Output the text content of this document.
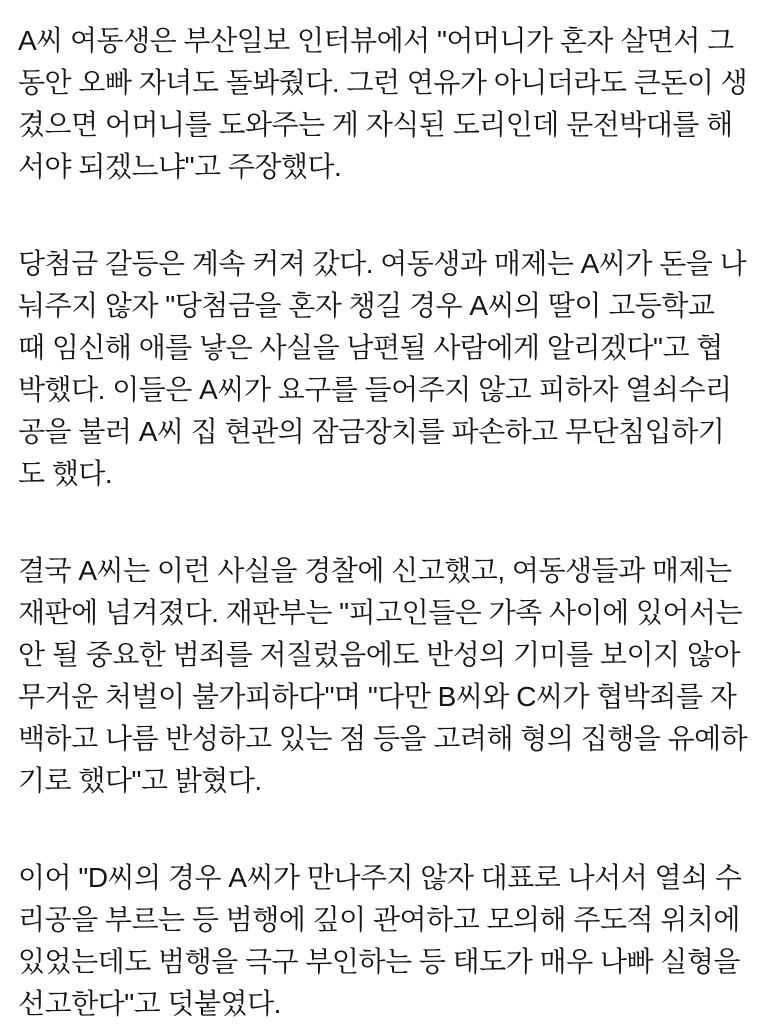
A씨 여동생은 부산일보 인터뷰에서 "어머니가 혼자 살면서 그
동안 오빠 자녀도 돌봐줬다. 그런 연유가 아니더라도 큰돈이 생
겼으면 어머니를 도와주는 게 자식된 도리인데 문전박대를 해
서야 되겠느냐"고 주장했다.

당첨금 갈등은 계속 커져 갔다. 여동생과 매제는 A씨가 돈을 나
눠주지 않자 "당첨금을 혼자 챙길 경우 A씨의 딸이 고등학교
때 임신해 애를 낳은 사실을 남편될 사람에게 알리겠다"고 협
박했다. 이들은 A씨가 요구를 들어주지 않고 피하자 열쇠수리
공을 불러 A씨 집 현관의 잠금장치를 파손하고 무단침입하기
도 했다.

결국 A씨는 이런 사실을 경찰에 신고했고, 여동생들과 매제는
재판에 넘겨졌다. 재판부는 "피고인들은 가족 사이에 있어서는
안 될 중요한 범죄를 저질렀음에도 반성의 기미를 보이지 않아
무거운 처벌이 불가피하다"며 "다만 B씨와 C씨가 협박죄를 자
백하고 나름 반성하고 있는 점 등을 고려해 형의 집행을 유예하
기로 했다"고 밝혔다.

이어 "D씨의 경우 A씨가 만나주지 않자 대표로 나서서 열쇠 수
리공을 부르는 등 범행에 깊이 관여하고 모의해 주도적 위치에
있었는데도 범행을 극구 부인하는 등 태도가 매우 나빠 실형을
선고한다"고 덧붙였다.
